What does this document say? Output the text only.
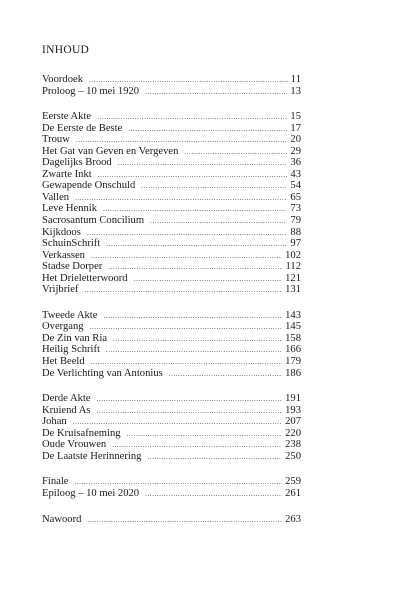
INHOUD
Voordoek .....	11
Proloog – 10 mei 1920 .....	13
Eerste Akte .....	15
De Eerste de Beste .....	17
Trouw .....	20
Het Gat van Geven en Vergeven .....	29
Dagelijks Brood .....	36
Zwarte Inkt .....	43
Gewapende Onschuld .....	54
Vallen .....	65
Leve Hennik .....	73
Sacrosantum Concilium .....	79
Kijkdoos .....	88
SchuinSchrift .....	97
Verkassen .....	102
Stadse Dorper .....	112
Het Drieletterwoord .....	121
Vrijbrief .....	131
Tweede Akte .....	143
Overgang .....	145
De Zin van Ria .....	158
Heilig Schrift .....	166
Het Beeld .....	179
De Verlichting van Antonius .....	186
Derde Akte .....	191
Kruiend As .....	193
Johan .....	207
De Kruisafneming .....	220
Oude Vrouwen .....	238
De Laatste Herinnering .....	250
Finale .....	259
Epiloog – 10 mei 2020 .....	261
Nawoord .....	263
